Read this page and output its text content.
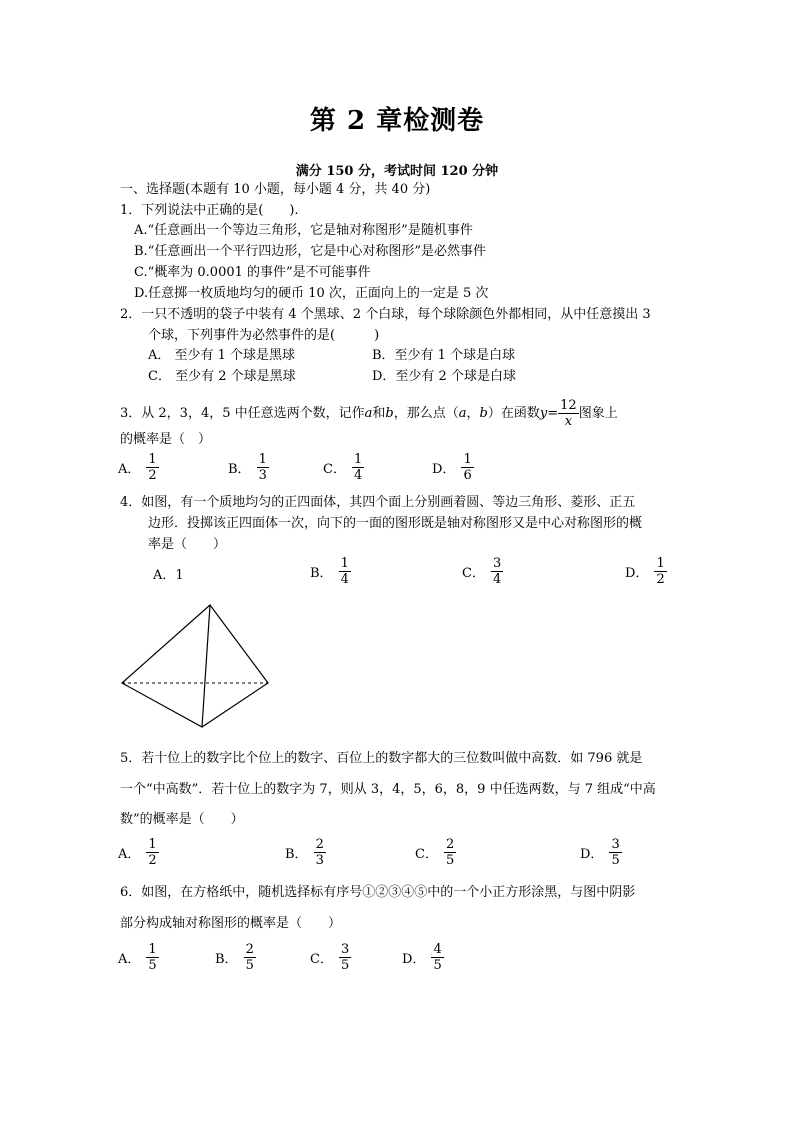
第 2 章检测卷
满分 150 分，考试时间 120 分钟
一、选择题(本题有 10 小题，每小题 4 分，共 40 分)
1．下列说法中正确的是(　　).
A.“任意画出一个等边三角形，它是轴对称图形”是随机事件
B.“任意画出一个平行四边形，它是中心对称图形”是必然事件
C.“概率为 0.0001 的事件”是不可能事件
D.任意掷一枚质地均匀的硬币 10 次，正面向上的一定是 5 次
2．一只不透明的袋子中装有 4 个黑球、2 个白球，每个球除颜色外都相同，从中任意摸出 3
个球，下列事件为必然事件的是(　　　)
A． 至少有 1 个球是黑球	B．至少有 1 个球是白球
C． 至少有 2 个球是黑球	D．至少有 2 个球是白球
3．从 2，3，4，5 中任意选两个数，记作 a 和 b ，那么点（ a ， b ）在函数 $y = \frac{12}{x}$ 图象上
的概率是（　）
A． $\frac{1}{2}$	B． $\frac{1}{3}$	C． $\frac{1}{4}$	D． $\frac{1}{6}$
4．如图，有一个质地均匀的正四面体，其四个面上分别画着圆、等边三角形、菱形、正五
边形．投掷该正四面体一次，向下的一面的图形既是轴对称图形又是中心对称图形的概
率是（　　）
A．1	B． $\frac{1}{4}$	C． $\frac{3}{4}$	D． $\frac{1}{2}$
5．若十位上的数字比个位上的数字、百位上的数字都大的三位数叫做中高数．如 796 就是
一个“中高数”．若十位上的数字为 7，则从 3，4，5，6，8，9 中任选两数，与 7 组成“中高
数”的概率是（　　）
A． $\frac{1}{2}$	B． $\frac{2}{3}$	C． $\frac{2}{5}$	D． $\frac{3}{5}$
6．如图，在方格纸中，随机选择标有序号①②③④⑤中的一个小正方形涂黑，与图中阴影
部分构成轴对称图形的概率是（　　）
A． $\frac{1}{5}$	B． $\frac{2}{5}$	C． $\frac{3}{5}$	D． $\frac{4}{5}$
